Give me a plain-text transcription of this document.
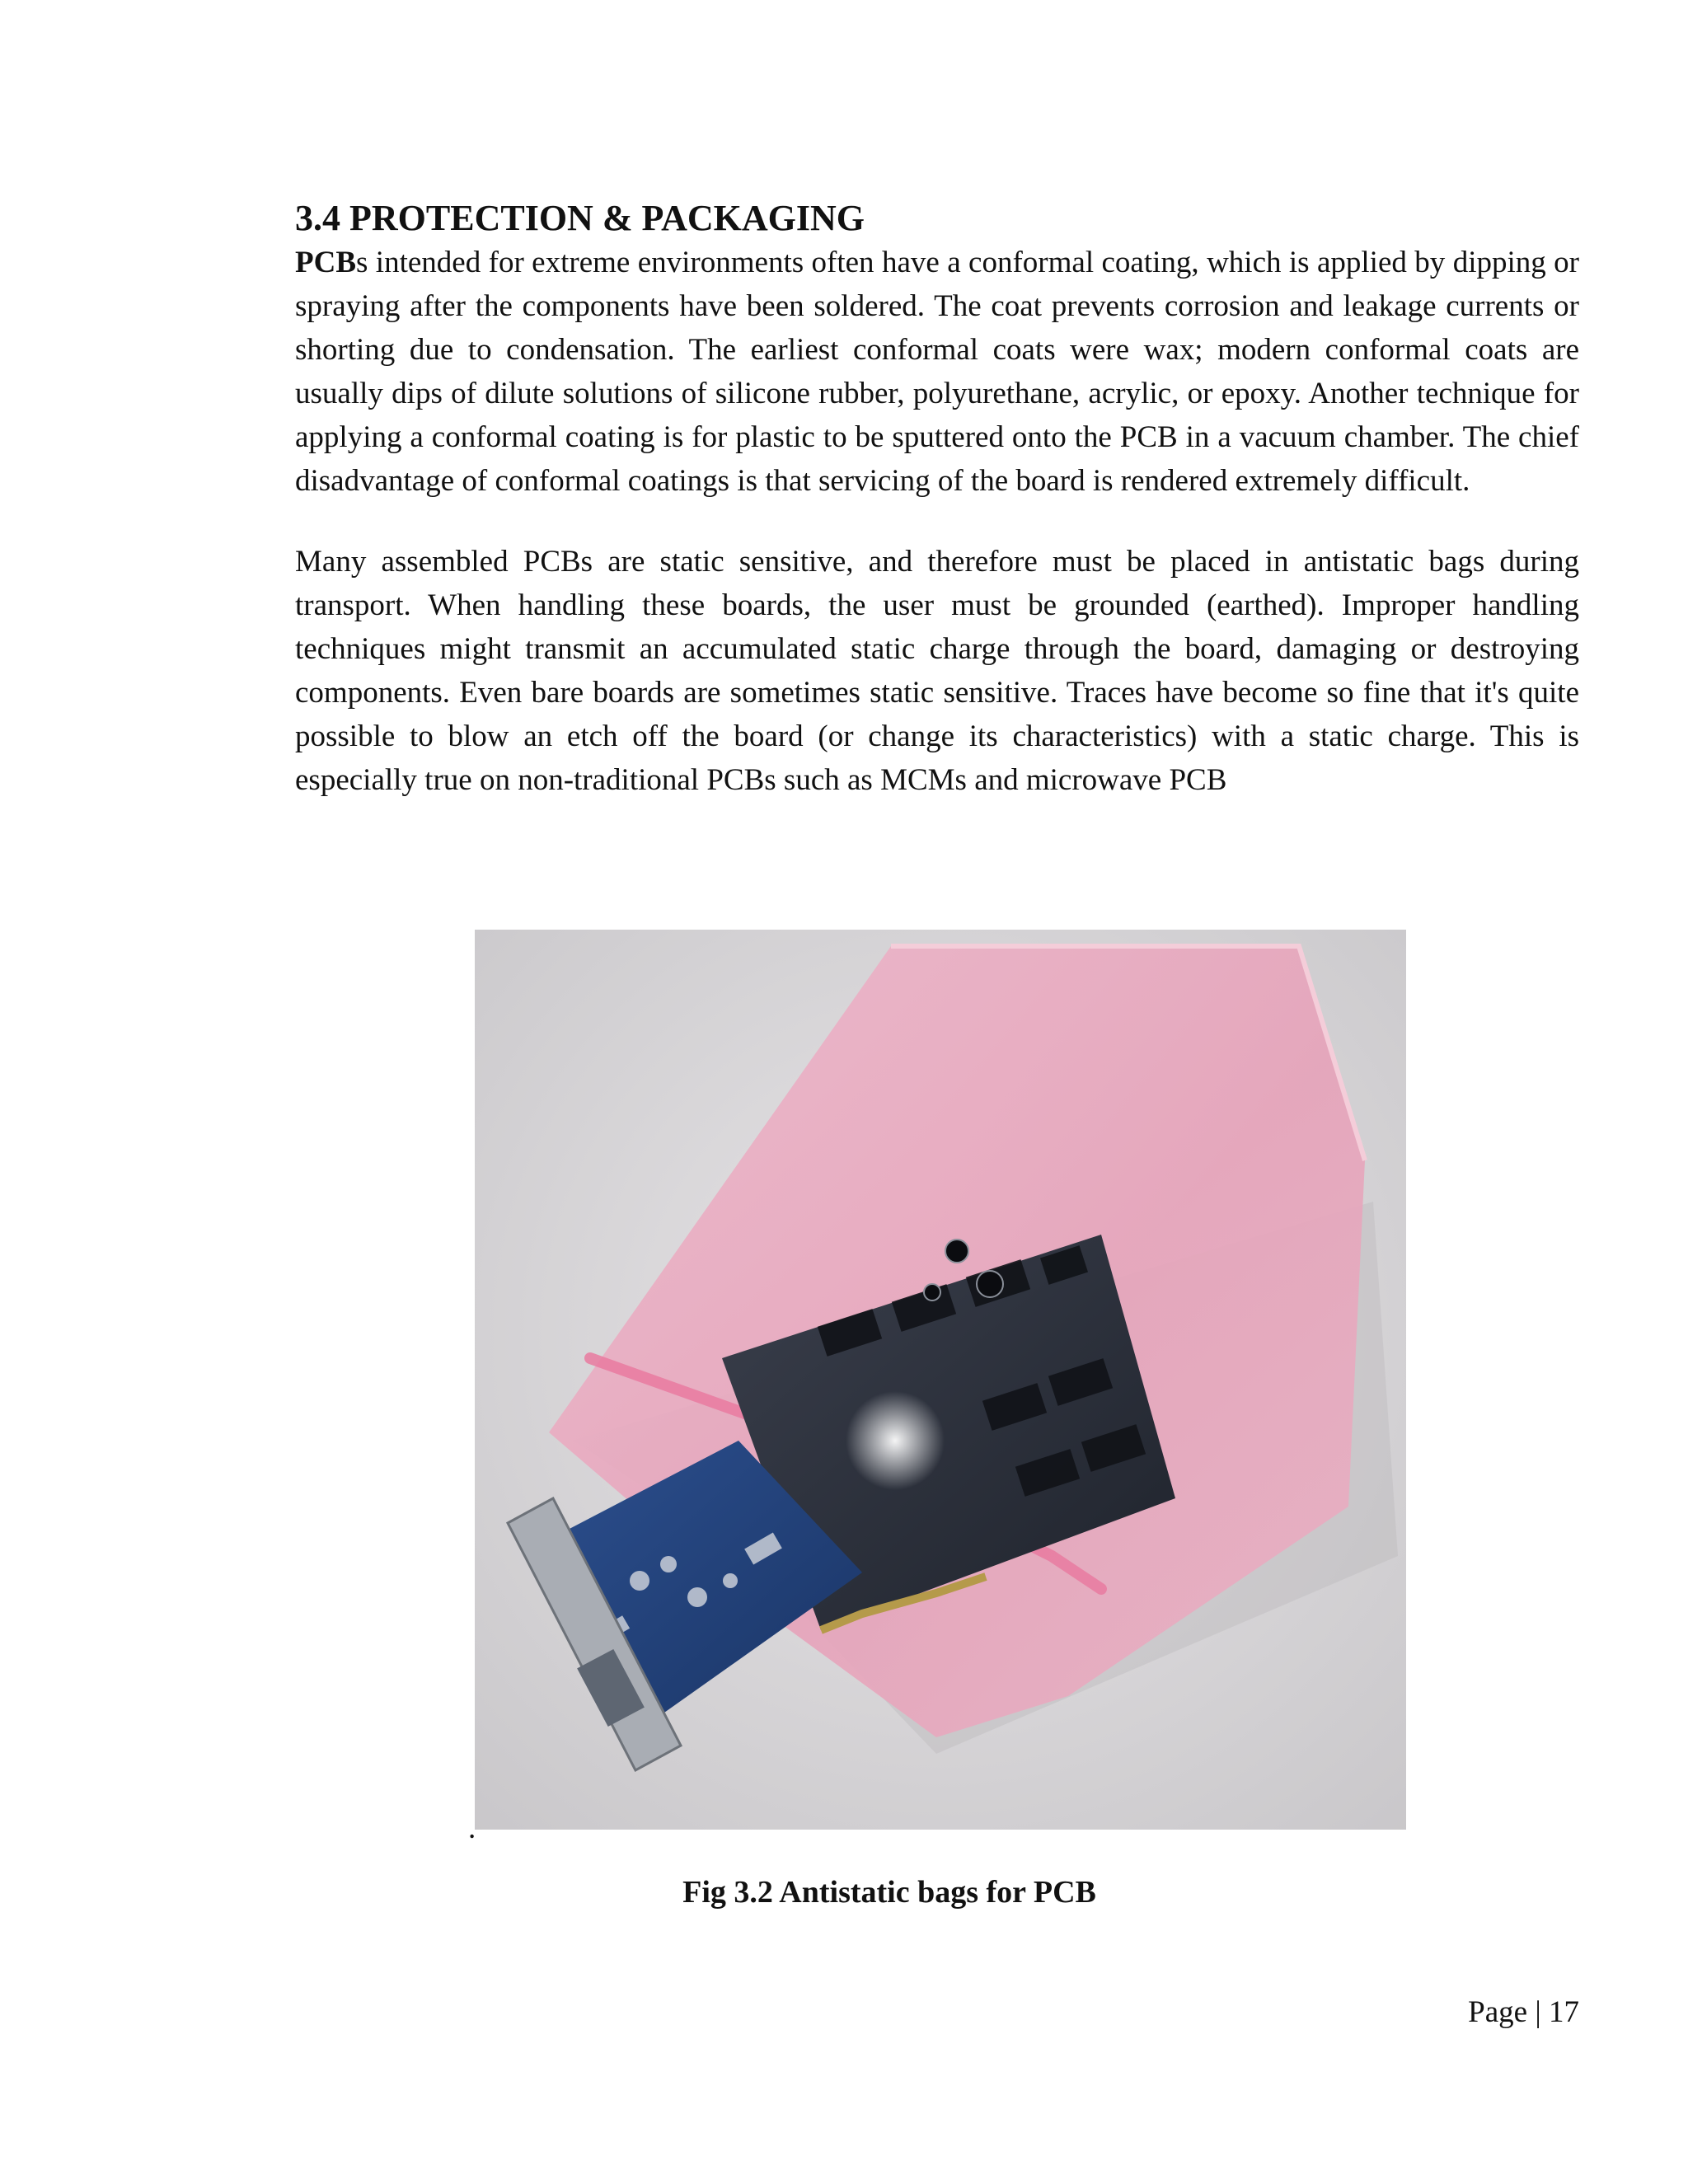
3.4 PROTECTION & PACKAGING

PCBs intended for extreme environments often have a conformal coating, which is applied by dipping or spraying after the components have been soldered. The coat prevents corrosion and leakage currents or shorting due to condensation. The earliest conformal coats were wax; modern conformal coats are usually dips of dilute solutions of silicone rubber, polyurethane, acrylic, or epoxy. Another technique for applying a conformal coating is for plastic to be sputtered onto the PCB in a vacuum chamber. The chief disadvantage of conformal coatings is that servicing of the board is rendered extremely difficult.

Many assembled PCBs are static sensitive, and therefore must be placed in antistatic bags during transport. When handling these boards, the user must be grounded (earthed). Improper handling techniques might transmit an accumulated static charge through the board, damaging or destroying components. Even bare boards are sometimes static sensitive. Traces have become so fine that it's quite possible to blow an etch off the board (or change its characteristics) with a static charge. This is especially true on non-traditional PCBs such as MCMs and microwave PCB

.
Fig 3.2 Antistatic bags for PCB
Page | 17
